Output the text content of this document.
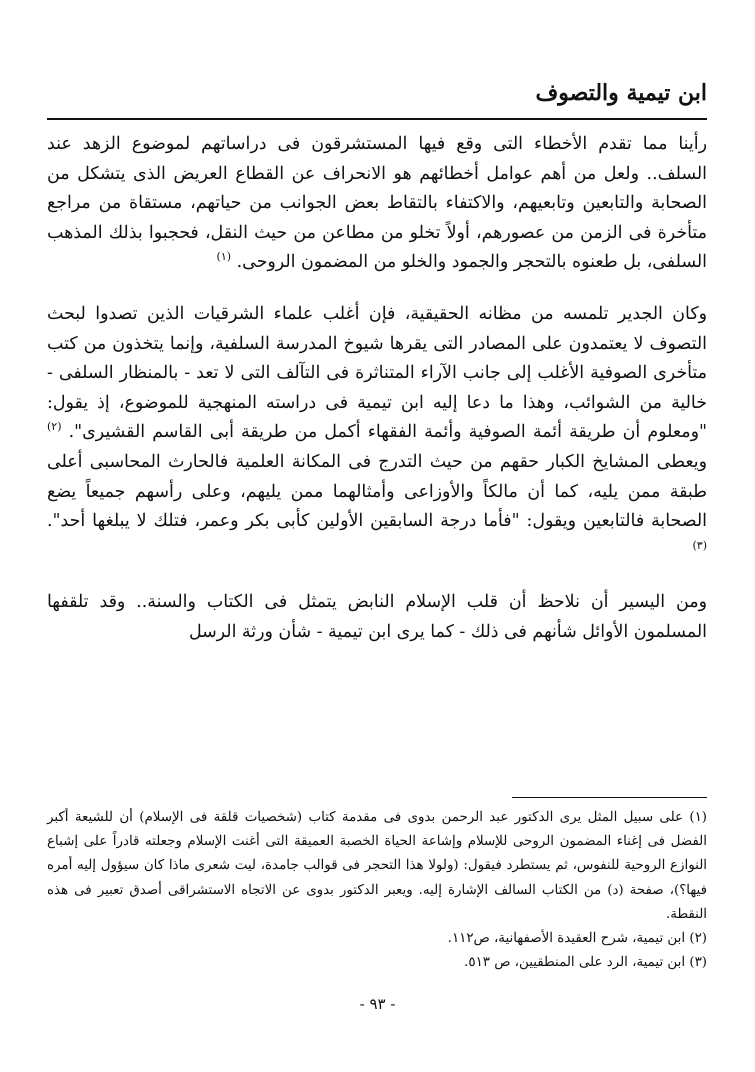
ابن تيمية والتصوف

رأينا مما تقدم الأخطاء التى وقع فيها المستشرقون فى دراساتهم لموضوع الزهد عند السلف.. ولعل من أهم عوامل أخطائهم هو الانحراف عن القطاع العريض الذى يتشكل من الصحابة والتابعين وتابعيهم، والاكتفاء بالتقاط بعض الجوانب من حياتهم، مستقاة من مراجع متأخرة فى الزمن من عصورهم، أولاً تخلو من مطاعن من حيث النقل، فحجبوا بذلك المذهب السلفى، بل طعنوه بالتحجر والجمود والخلو من المضمون الروحى. $^{(١)}$

وكان الجدير تلمسه من مظانه الحقيقية، فإن أغلب علماء الشرقيات الذين تصدوا لبحث التصوف لا يعتمدون على المصادر التى يقرها شيوخ المدرسة السلفية، وإنما يتخذون من كتب متأخرى الصوفية الأغلب إلى جانب الآراء المتناثرة فى التآلف التى لا تعد - بالمنظار السلفى - خالية من الشوائب، وهذا ما دعا إليه ابن تيمية فى دراسته المنهجية للموضوع، إذ يقول: "ومعلوم أن طريقة أئمة الصوفية وأئمة الفقهاء أكمل من طريقة أبى القاسم القشيرى". $^{(٢)}$ ويعطى المشايخ الكبار حقهم من حيث التدرج فى المكانة العلمية فالحارث المحاسبى أعلى طبقة ممن يليه، كما أن مالكاً والأوزاعى وأمثالهما ممن يليهم، وعلى رأسهم جميعاً يضع الصحابة فالتابعين ويقول: "فأما درجة السابقين الأولين كأبى بكر وعمر، فتلك لا يبلغها أحد". $^{(٣)}$

ومن اليسير أن نلاحظ أن قلب الإسلام النابض يتمثل فى الكتاب والسنة.. وقد تلقفها المسلمون الأوائل شأنهم فى ذلك - كما يرى ابن تيمية - شأن ورثة الرسل

(١) على سبيل المثل يرى الدكتور عبد الرحمن بدوى فى مقدمة كتاب (شخصيات قلقة فى الإسلام) أن للشيعة أكبر الفضل فى إغناء المضمون الروحى للإسلام وإشاعة الحياة الخصبة العميقة التى أغنت الإسلام وجعلته قادراً على إشباع النوازع الروحية للنفوس، ثم يستطرد فيقول: (ولولا هذا التحجر فى قوالب جامدة، ليت شعرى ماذا كان سيؤول إليه أمره فيها؟)، صفحة (د) من الكتاب السالف الإشارة إليه. ويعبر الدكتور بدوى عن الاتجاه الاستشراقى أصدق تعبير فى هذه النقطة.

(٢) ابن تيمية، شرح العقيدة الأصفهانية، ص١١٢.

(٣) ابن تيمية، الرد على المنطقيين، ص ٥١٣.

- ٩٣ -
